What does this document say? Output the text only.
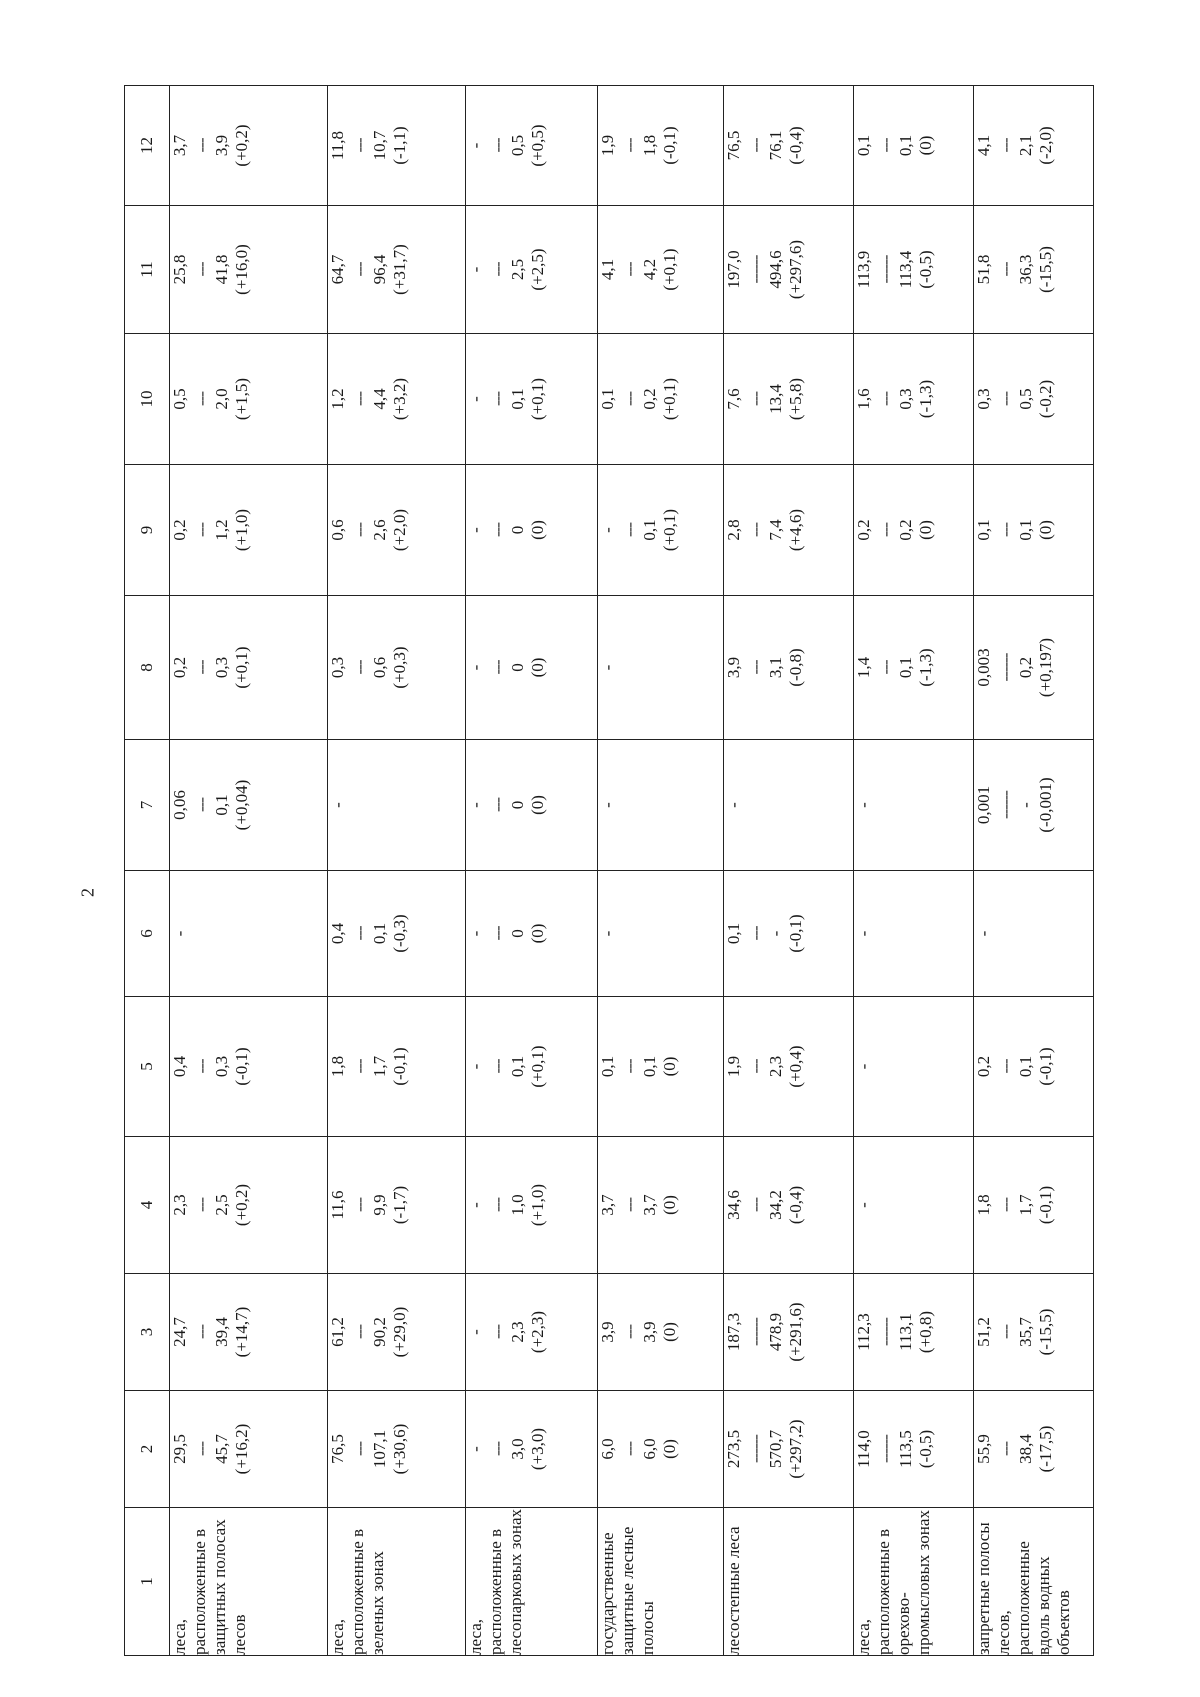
2
1	2	3	4	5	6	7	8	9	10	11	12
леса, расположенные в защитных полосах лесов	29,5 --- 45,7 (+16,2)	24,7 --- 39,4 (+14,7)	2,3 --- 2,5 (+0,2)	0,4 --- 0,3 (-0,1)	-	0,06 --- 0,1 (+0,04)	0,2 --- 0,3 (+0,1)	0,2 --- 1,2 (+1,0)	0,5 --- 2,0 (+1,5)	25,8 --- 41,8 (+16,0)	3,7 --- 3,9 (+0,2)

леса, расположенные в зеленых зонах	76,5 --- 107,1 (+30,6)	61,2 --- 90,2 (+29,0)	11,6 --- 9,9 (-1,7)	1,8 --- 1,7 (-0,1)	0,4 --- 0,1 (-0,3)	-	0,3 --- 0,6 (+0,3)	0,6 --- 2,6 (+2,0)	1,2 --- 4,4 (+3,2)	64,7 --- 96,4 (+31,7)	11,8 --- 10,7 (-1,1)

леса, расположенные в лесопарковых зонах	- --- 3,0 (+3,0)	- --- 2,3 (+2,3)	- --- 1,0 (+1,0)	- --- 0,1 (+0,1)	- --- 0 (0)	- --- 0 (0)	- --- 0 (0)	- --- 0 (0)	- --- 0,1 (+0,1)	- --- 2,5 (+2,5)	- --- 0,5 (+0,5)

государственные защитные лесные полосы	6,0 --- 6,0 (0)	3,9 --- 3,9 (0)	3,7 --- 3,7 (0)	0,1 --- 0,1 (0)	-	-	-	- --- 0,1 (+0,1)	0,1 --- 0,2 (+0,1)	4,1 --- 4,2 (+0,1)	1,9 --- 1,8 (-0,1)

лесостепные леса	273,5 ------ 570,7 (+297,2)	187,3 ------ 478,9 (+291,6)	34,6 --- 34,2 (-0,4)	1,9 --- 2,3 (+0,4)	0,1 --- - (-0,1)	-	3,9 --- 3,1 (-0,8)	2,8 --- 7,4 (+4,6)	7,6 --- 13,4 (+5,8)	197,0 ------ 494,6 (+297,6)	76,5 --- 76,1 (-0,4)

леса, расположенные в орехово-промысловых зонах	114,0 ------ 113,5 (-0,5)	112,3 ------ 113,1 (+0,8)	-	-	-	-	1,4 --- 0,1 (-1,3)	0,2 --- 0,2 (0)	1,6 --- 0,3 (-1,3)	113,9 ------ 113,4 (-0,5)	0,1 --- 0,1 (0)

запретные полосы лесов, расположенные вдоль водных объектов	55,9 --- 38,4 (-17,5)	51,2 --- 35,7 (-15,5)	1,8 --- 1,7 (-0,1)	0,2 --- 0,1 (-0,1)	-	0,001 ------ - (-0,001)	0,003 ------ 0,2 (+0,197)	0,1 --- 0,1 (0)	0,3 --- 0,5 (-0,2)	51,8 --- 36,3 (-15,5)	4,1 --- 2,1 (-2,0)
